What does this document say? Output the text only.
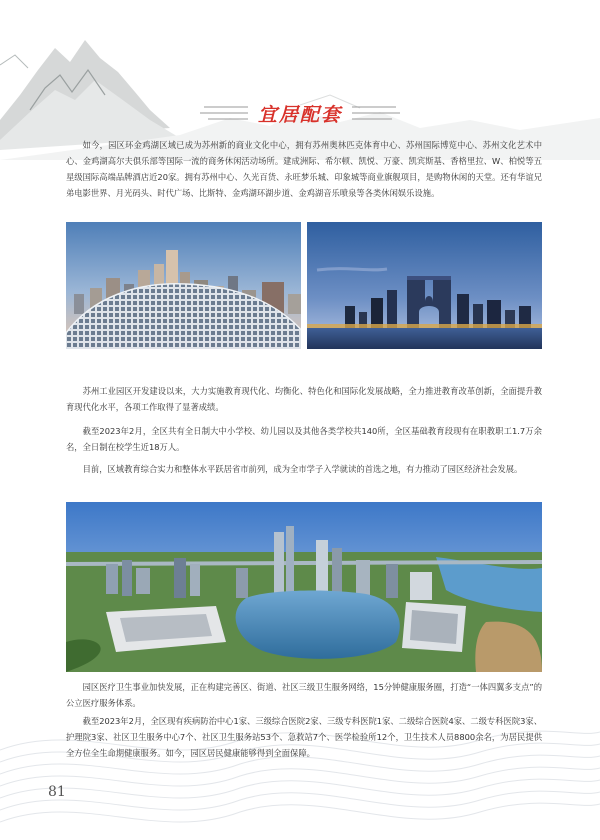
宜居配套

如今，园区环金鸡湖区域已成为苏州新的商业文化中心，拥有苏州奥林匹克体育中心、苏州国际博览中心、苏州文化艺术中心、金鸡湖高尔夫俱乐部等国际一流的商务休闲活动场所。建成洲际、希尔顿、凯悦、万豪、凯宾斯基、香格里拉、W、柏悦等五星级国际高端品牌酒店近20家。拥有苏州中心、久光百货、永旺梦乐城、印象城等商业旗舰项目，是购物休闲的天堂。还有华谊兄弟电影世界、月光码头、时代广场、比斯特、金鸡湖环湖步道、金鸡湖音乐喷泉等各类休闲娱乐设施。

苏州工业园区开发建设以来，大力实施教育现代化、均衡化、特色化和国际化发展战略，全力推进教育改革创新，全面提升教育现代化水平，各项工作取得了显著成绩。

截至2023年2月，全区共有全日制大中小学校、幼儿园以及其他各类学校共140所，全区基础教育段现有在职教职工1.7万余名，全日制在校学生近18万人。

目前，区域教育综合实力和整体水平跃居省市前列，成为全市学子入学就读的首选之地，有力推动了园区经济社会发展。

园区医疗卫生事业加快发展，正在构建完善区、街道、社区三级卫生服务网络，15分钟健康服务圈，打造“一体四翼多支点”的公立医疗服务体系。

截至2023年2月，全区现有疾病防治中心1家、三级综合医院2家、三级专科医院1家、二级综合医院4家、二级专科医院3家、护理院3家、社区卫生服务中心7个、社区卫生服务站53个、急救站7个、医学检验所12个，卫生技术人员8800余名，为居民提供全方位全生命期健康服务。如今，园区居民健康能够得到全面保障。

81
